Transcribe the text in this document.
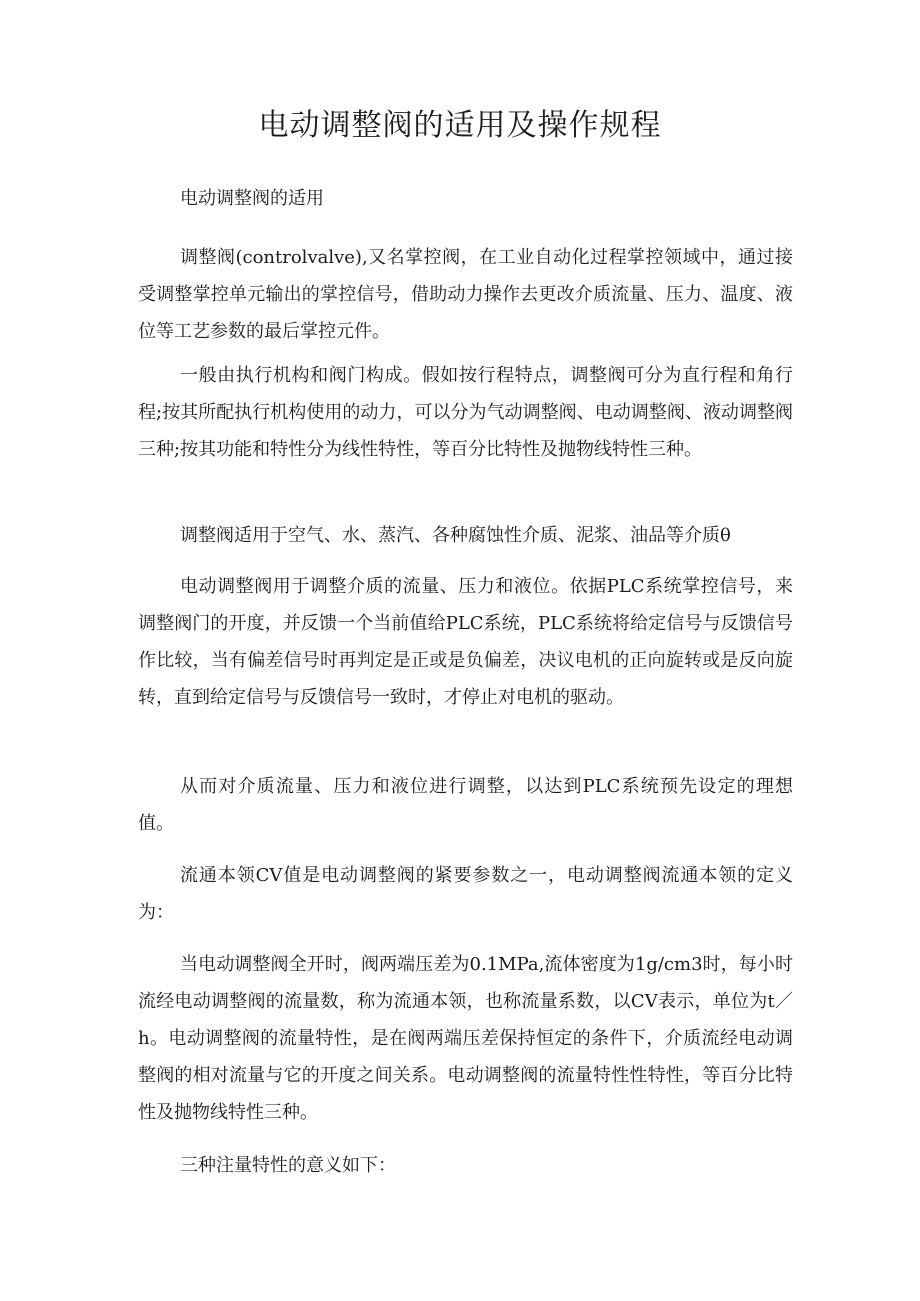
电动调整阀的适用及操作规程

电动调整阀的适用

调整阀(controlvalve),又名掌控阀，在工业自动化过程掌控领域中，通过接受调整掌控单元输出的掌控信号，借助动力操作去更改介质流量、压力、温度、液位等工艺参数的最后掌控元件。

一般由执行机构和阀门构成。假如按行程特点，调整阀可分为直行程和角行程;按其所配执行机构使用的动力，可以分为气动调整阀、电动调整阀、液动调整阀三种;按其功能和特性分为线性特性，等百分比特性及抛物线特性三种。

调整阀适用于空气、水、蒸汽、各种腐蚀性介质、泥浆、油品等介质θ

电动调整阀用于调整介质的流量、压力和液位。依据PLC系统掌控信号，来调整阀门的开度，并反馈一个当前值给PLC系统，PLC系统将给定信号与反馈信号作比较，当有偏差信号时再判定是正或是负偏差，决议电机的正向旋转或是反向旋转，直到给定信号与反馈信号一致时，才停止对电机的驱动。

从而对介质流量、压力和液位进行调整，以达到PLC系统预先设定的理想值。

流通本领CV值是电动调整阀的紧要参数之一，电动调整阀流通本领的定义为：

当电动调整阀全开时，阀两端压差为0.1MPa,流体密度为1g/cm3时，每小时流经电动调整阀的流量数，称为流通本领，也称流量系数，以CV表示，单位为t／h。电动调整阀的流量特性，是在阀两端压差保持恒定的条件下，介质流经电动调整阀的相对流量与它的开度之间关系。电动调整阀的流量特性性特性，等百分比特性及抛物线特性三种。

三种注量特性的意义如下：
